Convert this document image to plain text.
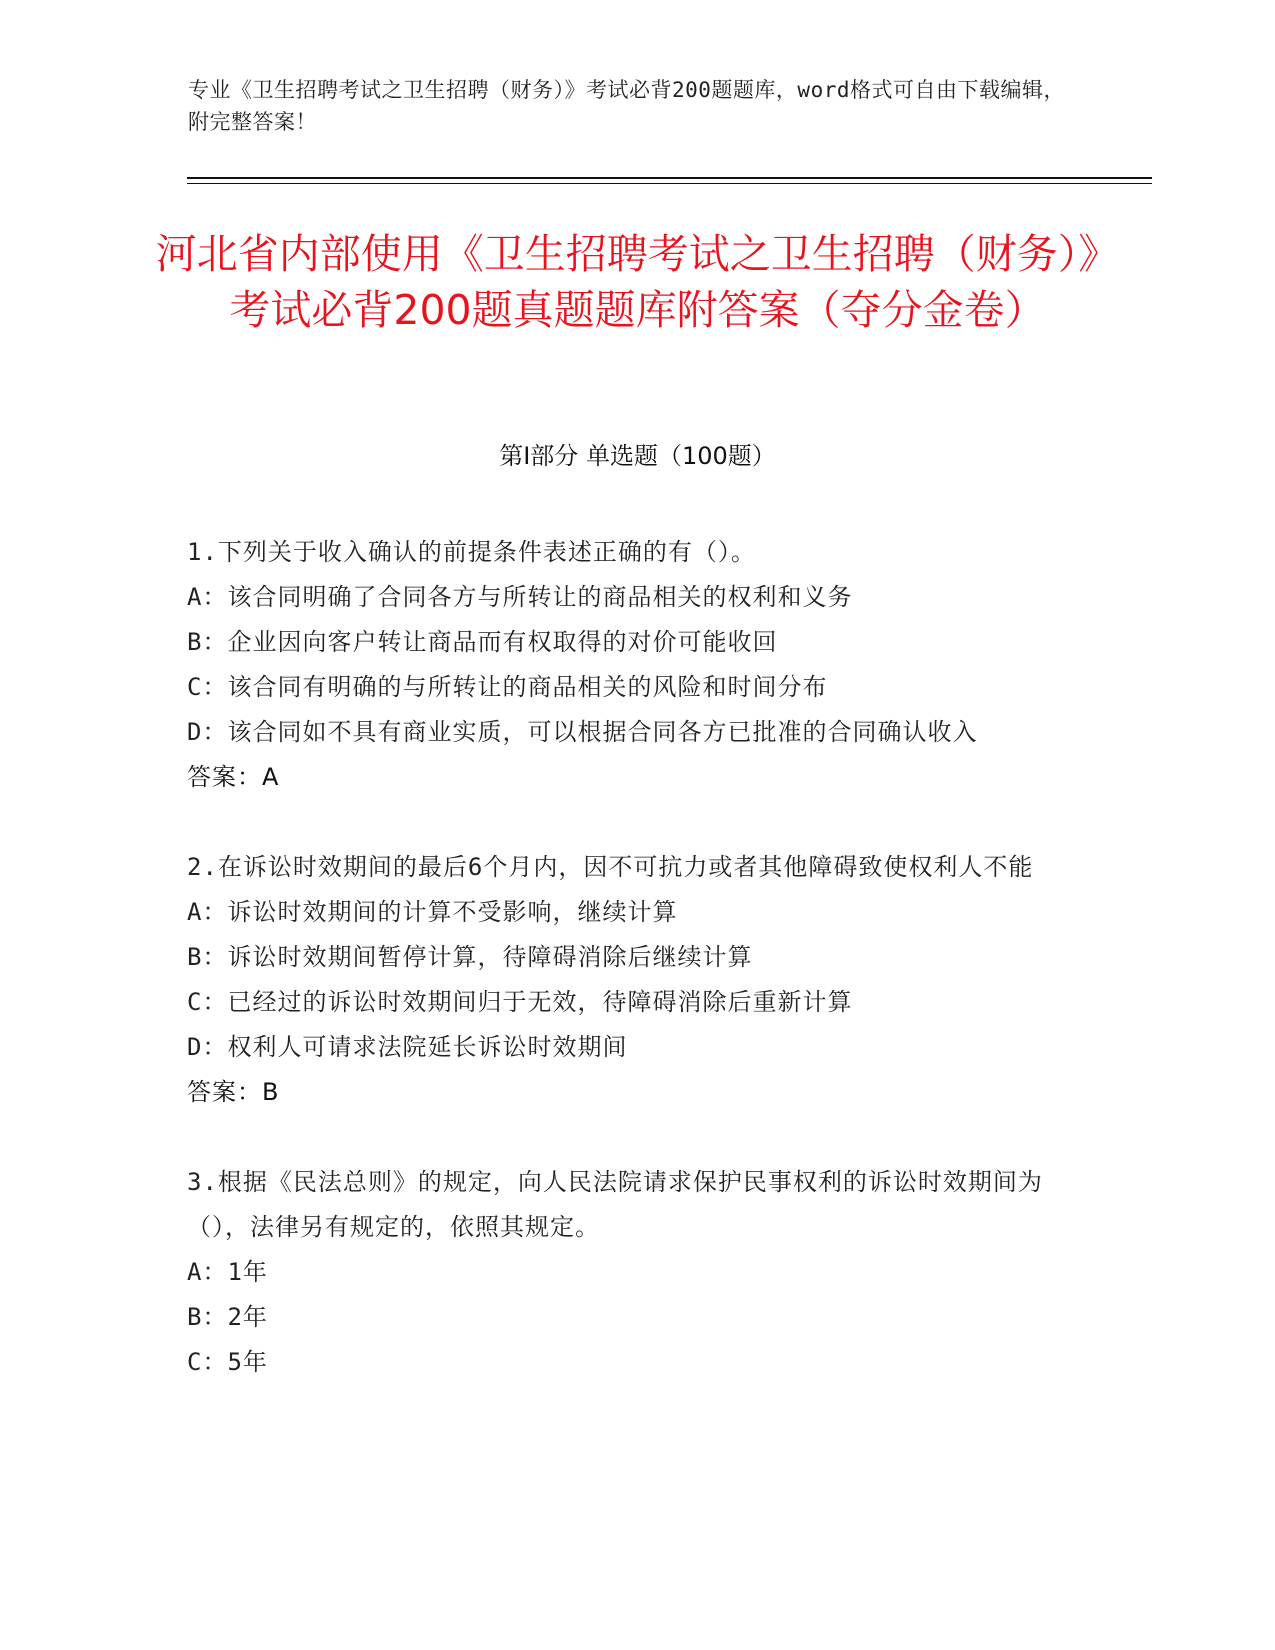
专业《卫生招聘考试之卫生招聘（财务）》考试必背200题题库，word格式可自由下载编辑，附完整答案！
河北省内部使用《卫生招聘考试之卫生招聘（财务）》考试必背200题真题题库附答案（夺分金卷）
第I部分 单选题（100题）

1.下列关于收入确认的前提条件表述正确的有（）。

A：该合同明确了合同各方与所转让的商品相关的权利和义务

B：企业因向客户转让商品而有权取得的对价可能收回

C：该合同有明确的与所转让的商品相关的风险和时间分布

D：该合同如不具有商业实质，可以根据合同各方已批准的合同确认收入

答案：A

2.在诉讼时效期间的最后6个月内，因不可抗力或者其他障碍致使权利人不能

A：诉讼时效期间的计算不受影响，继续计算

B：诉讼时效期间暂停计算，待障碍消除后继续计算

C：已经过的诉讼时效期间归于无效，待障碍消除后重新计算

D：权利人可请求法院延长诉讼时效期间

答案：B

3.根据《民法总则》的规定，向人民法院请求保护民事权利的诉讼时效期间为（），法律另有规定的，依照其规定。

A：1年

B：2年

C：5年
